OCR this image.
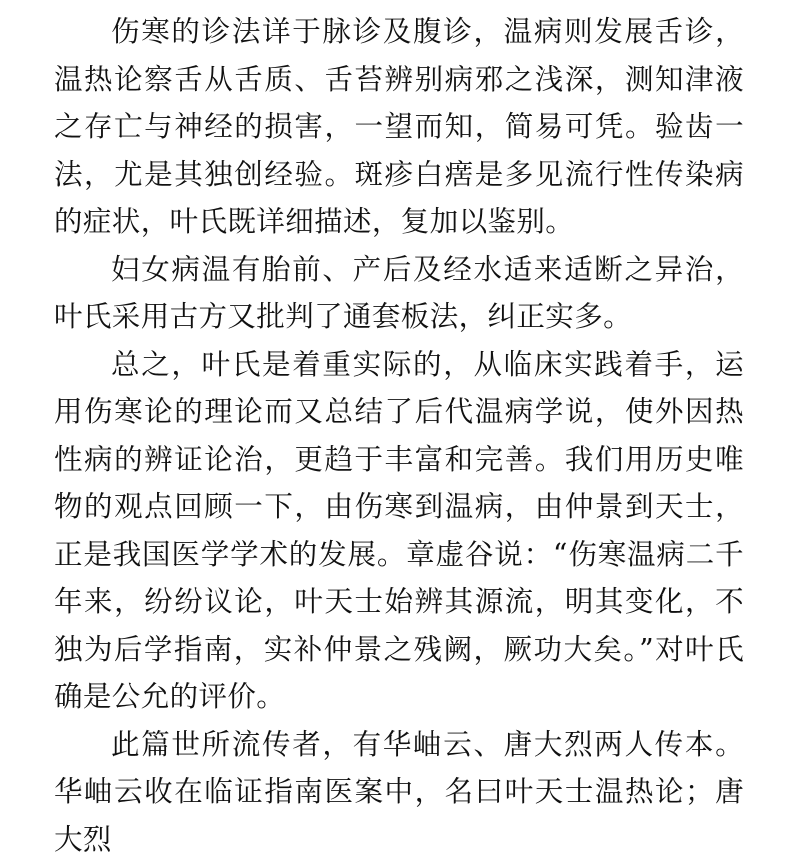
伤寒的诊法详于脉诊及腹诊，温病则发展舌诊，温热论察舌从舌质、舌苔辨别病邪之浅深，测知津液之存亡与神经的损害，一望而知，简易可凭。验齿一法，尤是其独创经验。斑疹白瘔是多见流行性传染病的症状，叶氏既详细描述，复加以鉴别。

妇女病温有胎前、产后及经水适来适断之异治，叶氏采用古方又批判了通套板法，纠正实多。

总之，叶氏是着重实际的，从临床实践着手，运用伤寒论的理论而又总结了后代温病学说，使外因热性病的辨证论治，更趋于丰富和完善。我们用历史唯物的观点回顾一下，由伤寒到温病，由仲景到天士，正是我国医学学术的发展。章虚谷说：“伤寒温病二千年来，纷纷议论，叶天士始辨其源流，明其变化，不独为后学指南，实补仲景之残阙，厥功大矣。”对叶氏确是公允的评价。

此篇世所流传者，有华岫云、唐大烈两人传本。华岫云收在临证指南医案中，名曰叶天士温热论；唐大烈
